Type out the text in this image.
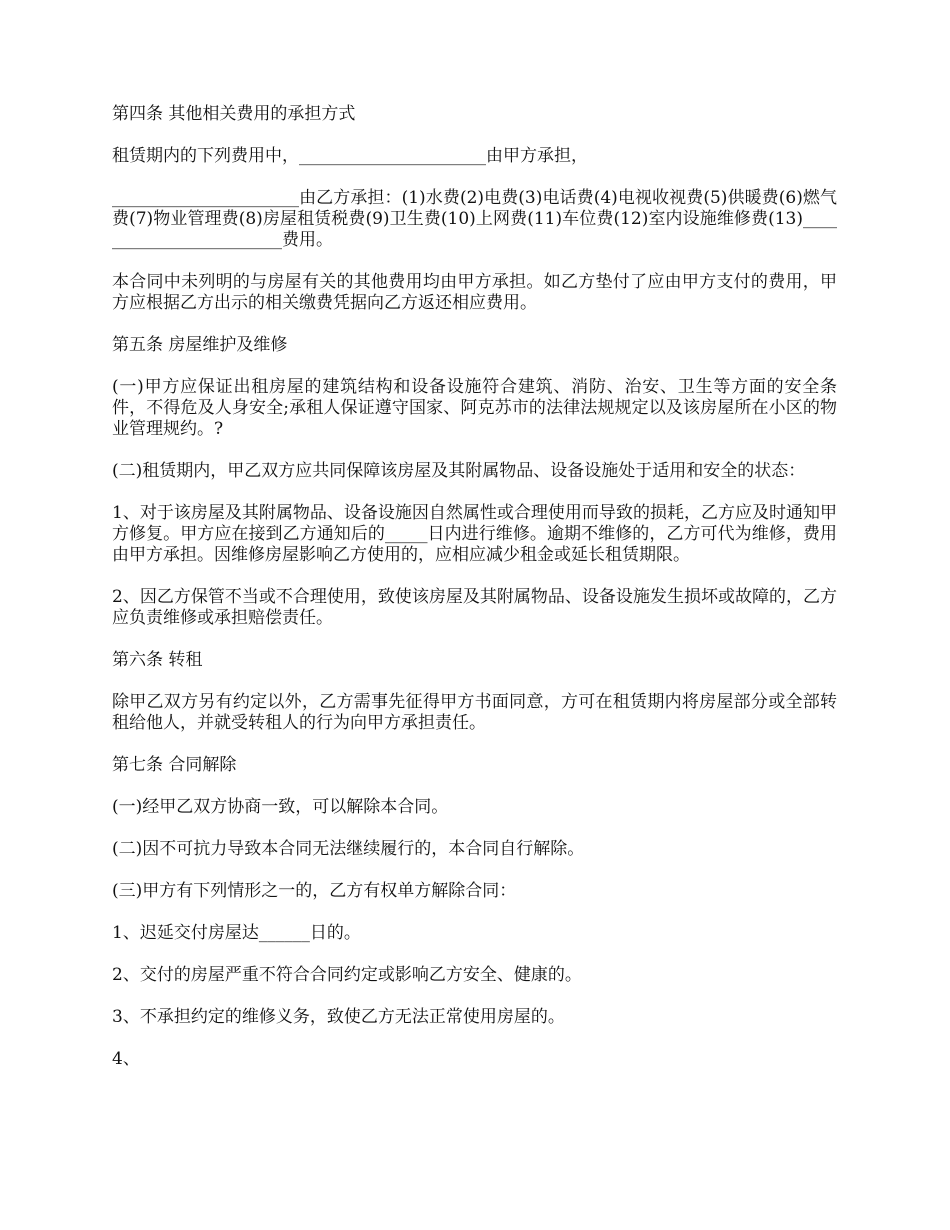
第四条 其他相关费用的承担方式

租赁期内的下列费用中，______________________由甲方承担，

______________________由乙方承担：(1)水费(2)电费(3)电话费(4)电视收视费(5)供暖费(6)燃气费(7)物业管理费(8)房屋租赁税费(9)卫生费(10)上网费(11)车位费(12)室内设施维修费(13)________________________费用。

本合同中未列明的与房屋有关的其他费用均由甲方承担。如乙方垫付了应由甲方支付的费用，甲方应根据乙方出示的相关缴费凭据向乙方返还相应费用。

第五条 房屋维护及维修

(一)甲方应保证出租房屋的建筑结构和设备设施符合建筑、消防、治安、卫生等方面的安全条件，不得危及人身安全;承租人保证遵守国家、阿克苏市的法律法规规定以及该房屋所在小区的物业管理规约。?

(二)租赁期内，甲乙双方应共同保障该房屋及其附属物品、设备设施处于适用和安全的状态：

1、对于该房屋及其附属物品、设备设施因自然属性或合理使用而导致的损耗，乙方应及时通知甲方修复。甲方应在接到乙方通知后的_____日内进行维修。逾期不维修的，乙方可代为维修，费用由甲方承担。因维修房屋影响乙方使用的，应相应减少租金或延长租赁期限。

2、因乙方保管不当或不合理使用，致使该房屋及其附属物品、设备设施发生损坏或故障的，乙方应负责维修或承担赔偿责任。

第六条 转租

除甲乙双方另有约定以外，乙方需事先征得甲方书面同意，方可在租赁期内将房屋部分或全部转租给他人，并就受转租人的行为向甲方承担责任。

第七条 合同解除

(一)经甲乙双方协商一致，可以解除本合同。

(二)因不可抗力导致本合同无法继续履行的，本合同自行解除。

(三)甲方有下列情形之一的，乙方有权单方解除合同：

1、迟延交付房屋达______日的。

2、交付的房屋严重不符合合同约定或影响乙方安全、健康的。

3、不承担约定的维修义务，致使乙方无法正常使用房屋的。

4、
